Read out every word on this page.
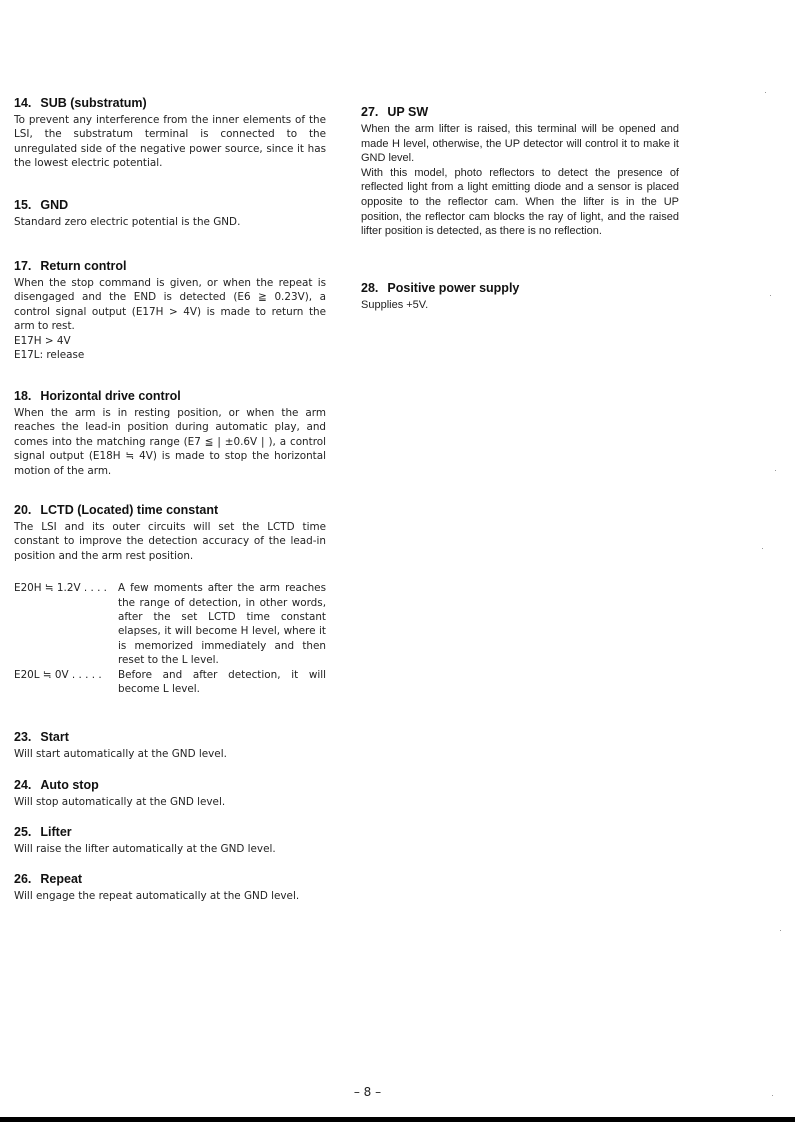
14. SUB (substratum)

To prevent any interference from the inner elements of the LSI, the substratum terminal is connected to the unregulated side of the negative power source, since it has the lowest electric potential.

15. GND

Standard zero electric potential is the GND.

17. Return control

When the stop command is given, or when the repeat is disengaged and the END is detected (E6 ≧ 0.23V), a control signal output (E17H > 4V) is made to return the arm to rest.

E17H > 4V

E17L: release

18. Horizontal drive control

When the arm is in resting position, or when the arm reaches the lead-in position during automatic play, and comes into the matching range (E7 ≦ | ±0.6V | ), a control signal output (E18H ≒ 4V) is made to stop the horizontal motion of the arm.

20. LCTD (Located) time constant

The LSI and its outer circuits will set the LCTD time constant to improve the detection accuracy of the lead-in position and the arm rest position.

E20H ≒ 1.2V . . . .	A few moments after the arm reaches the range of detection, in other words, after the set LCTD time constant elapses, it will become H level, where it is memorized immediately and then reset to the L level.
E20L ≒ 0V . . . . .	Before and after detection, it will become L level.
23. Start

Will start automatically at the GND level.

24. Auto stop

Will stop automatically at the GND level.

25. Lifter

Will raise the lifter automatically at the GND level.

26. Repeat

Will engage the repeat automatically at the GND level.

27. UP SW

When the arm lifter is raised, this terminal will be opened and made H level, otherwise, the UP detector will control it to make it GND level.

With this model, photo reflectors to detect the presence of reflected light from a light emitting diode and a sensor is placed opposite to the reflector cam. When the lifter is in the UP position, the reflector cam blocks the ray of light, and the raised lifter position is detected, as there is no reflection.

28. Positive power supply

Supplies +5V.

– 8 –
